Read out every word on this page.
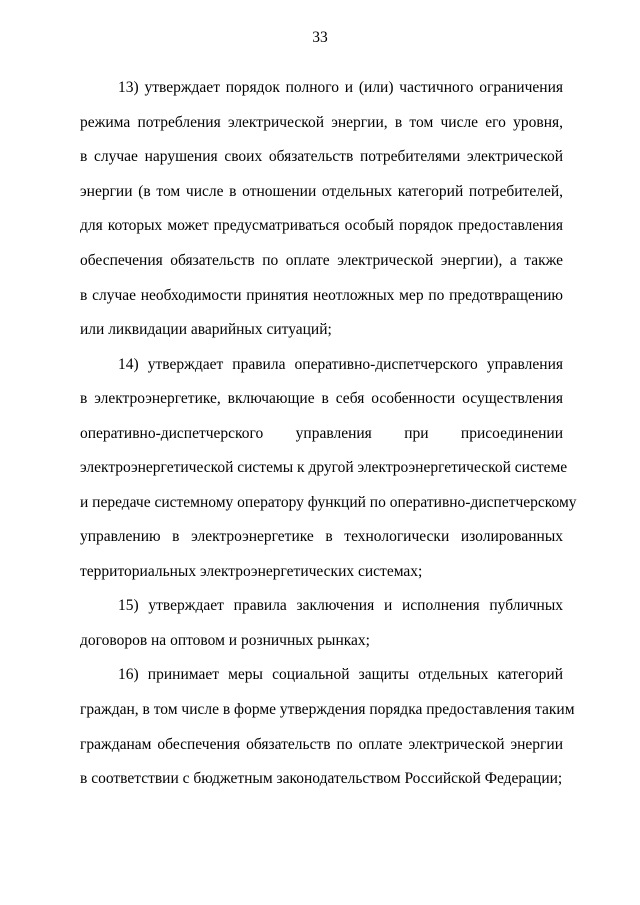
33
13) утверждает порядок полного и (или) частичного ограничения
режима потребления электрической энергии, в том числе его уровня,
в случае нарушения своих обязательств потребителями электрической
энергии (в том числе в отношении отдельных категорий потребителей,
для которых может предусматриваться особый порядок предоставления
обеспечения обязательств по оплате электрической энергии), а также
в случае необходимости принятия неотложных мер по предотвращению
или ликвидации аварийных ситуаций;
14) утверждает правила оперативно-диспетчерского управления
в электроэнергетике, включающие в себя особенности осуществления
оперативно-диспетчерского управления при присоединении
электроэнергетической системы к другой электроэнергетической системе
и передаче системному оператору функций по оперативно-диспетчерскому
управлению в электроэнергетике в технологически изолированных
территориальных электроэнергетических системах;
15) утверждает правила заключения и исполнения публичных
договоров на оптовом и розничных рынках;
16) принимает меры социальной защиты отдельных категорий
граждан, в том числе в форме утверждения порядка предоставления таким
гражданам обеспечения обязательств по оплате электрической энергии
в соответствии с бюджетным законодательством Российской Федерации;
